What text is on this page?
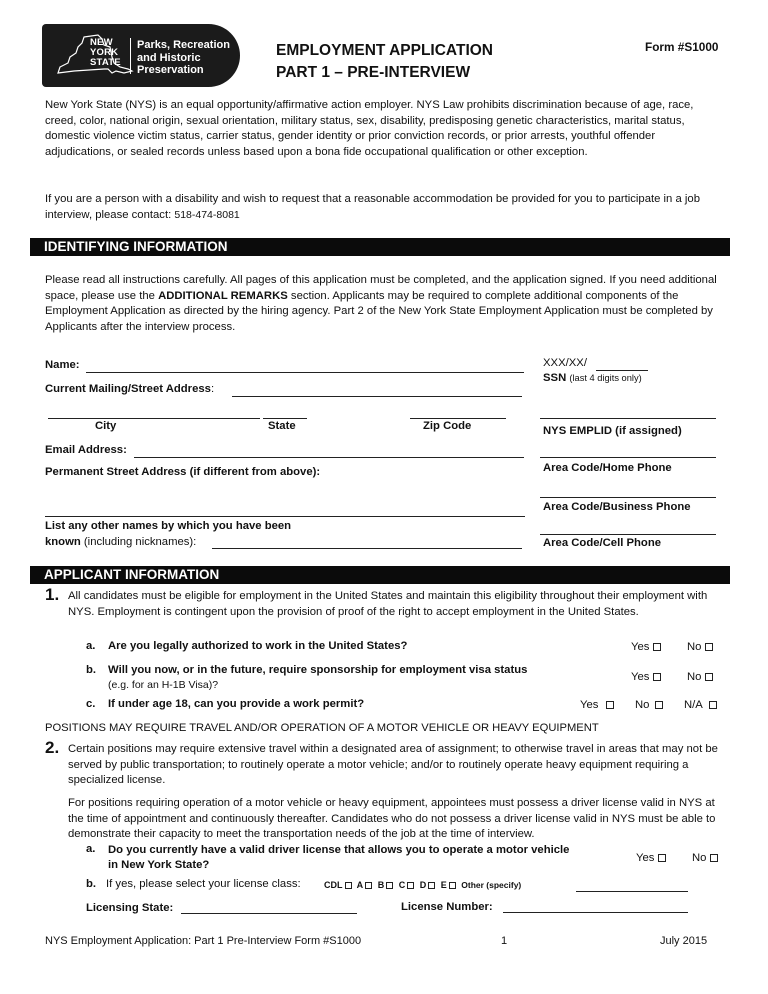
NEW
YORK
STATE
Parks, Recreation
and Historic
Preservation
EMPLOYMENT APPLICATION
PART 1 – PRE-INTERVIEW
Form #S1000
New York State (NYS) is an equal opportunity/affirmative action employer. NYS Law prohibits discrimination because of age, race, creed, color, national origin, sexual orientation, military status, sex, disability, predisposing genetic characteristics, marital status, domestic violence victim status, carrier status, gender identity or prior conviction records, or prior arrests, youthful offender adjudications, or sealed records unless based upon a bona fide occupational qualification or other exception.
If you are a person with a disability and wish to request that a reasonable accommodation be provided for you to participate in a job interview, please contact: 518-474-8081
IDENTIFYING INFORMATION
Please read all instructions carefully. All pages of this application must be completed, and the application signed. If you need additional space, please use the ADDITIONAL REMARKS section. Applicants may be required to complete additional components of the Employment Application as directed by the hiring agency. Part 2 of the New York State Employment Application must be completed by Applicants after the interview process.
Name:	XXX/XX/
SSN (last 4 digits only)
Current Mailing/Street Address:
City	State	Zip Code	NYS EMPLID (if assigned)
Email Address:
Permanent Street Address (if different from above):	Area Code/Home Phone
Area Code/Business Phone
List any other names by which you have been
known (including nicknames):	Area Code/Cell Phone
APPLICANT INFORMATION
1. All candidates must be eligible for employment in the United States and maintain this eligibility throughout their employment with NYS. Employment is contingent upon the provision of proof of the right to accept employment in the United States.
a. Are you legally authorized to work in the United States?	Yes	No
b. Will you now, or in the future, require sponsorship for employment visa status
(e.g. for an H-1B Visa)?
Yes	No
c. If under age 18, can you provide a work permit?	Yes	No	N/A
POSITIONS MAY REQUIRE TRAVEL AND/OR OPERATION OF A MOTOR VEHICLE OR HEAVY EQUIPMENT
2. Certain positions may require extensive travel within a designated area of assignment; to otherwise travel in areas that may not be served by public transportation; to routinely operate a motor vehicle; and/or to routinely operate heavy equipment requiring a specialized license.
For positions requiring operation of a motor vehicle or heavy equipment, appointees must possess a driver license valid in NYS at the time of appointment and continuously thereafter. Candidates who do not possess a driver license valid in NYS must be able to demonstrate their capacity to meet the transportation needs of the job at the time of interview.
a. Do you currently have a valid driver license that allows you to operate a motor vehicle
in New York State?
Yes	No
b. If yes, please select your license class:	CDL A B C D E Other (specify)
Licensing State:	License Number:
NYS Employment Application: Part 1 Pre-Interview Form #S1000	1	July 2015
